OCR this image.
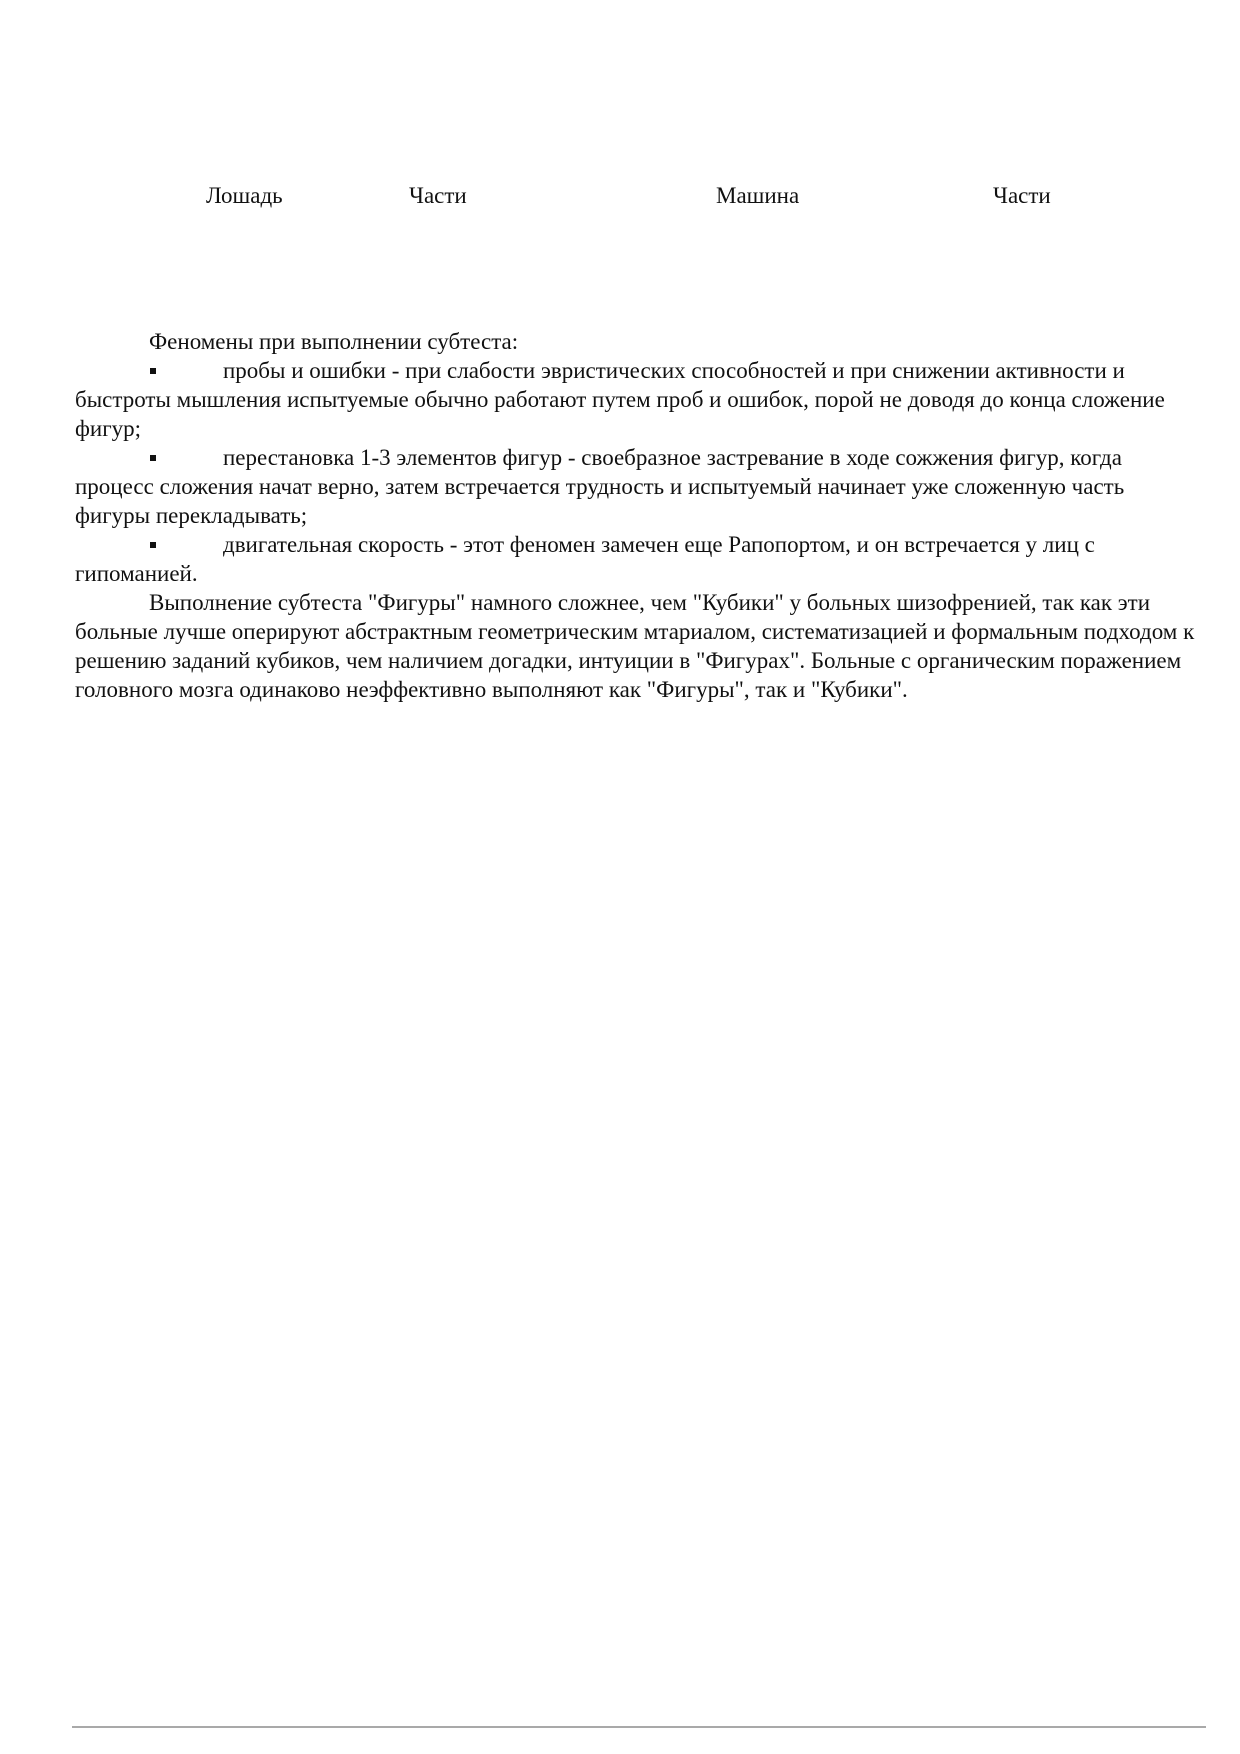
Лошадь	Части	Машина	Части

Феномены при выполнении субтеста:

пробы и ошибки - при слабости эвристических способностей и при снижении активности и быстроты мышления испытуемые обычно работают путем проб и ошибок, порой не доводя до конца сложение фигур;

перестановка 1-3 элементов фигур - своебразное застревание в ходе сожжения фигур, когда процесс сложения начат верно, затем встречается трудность и испытуемый начинает уже сложенную часть фигуры перекладывать;

двигательная скорость - этот феномен замечен еще Рапопортом, и он встречается у лиц с гипоманией.

Выполнение субтеста "Фигуры" намного сложнее, чем "Кубики" у больных шизофренией, так как эти больные лучше оперируют абстрактным геометрическим мтариалом, систематизацией и формальным подходом к решению заданий кубиков, чем наличием догадки, интуиции в "Фигурах". Больные с органическим поражением головного мозга одинаково неэффективно выполняют как "Фигуры", так и "Кубики".
